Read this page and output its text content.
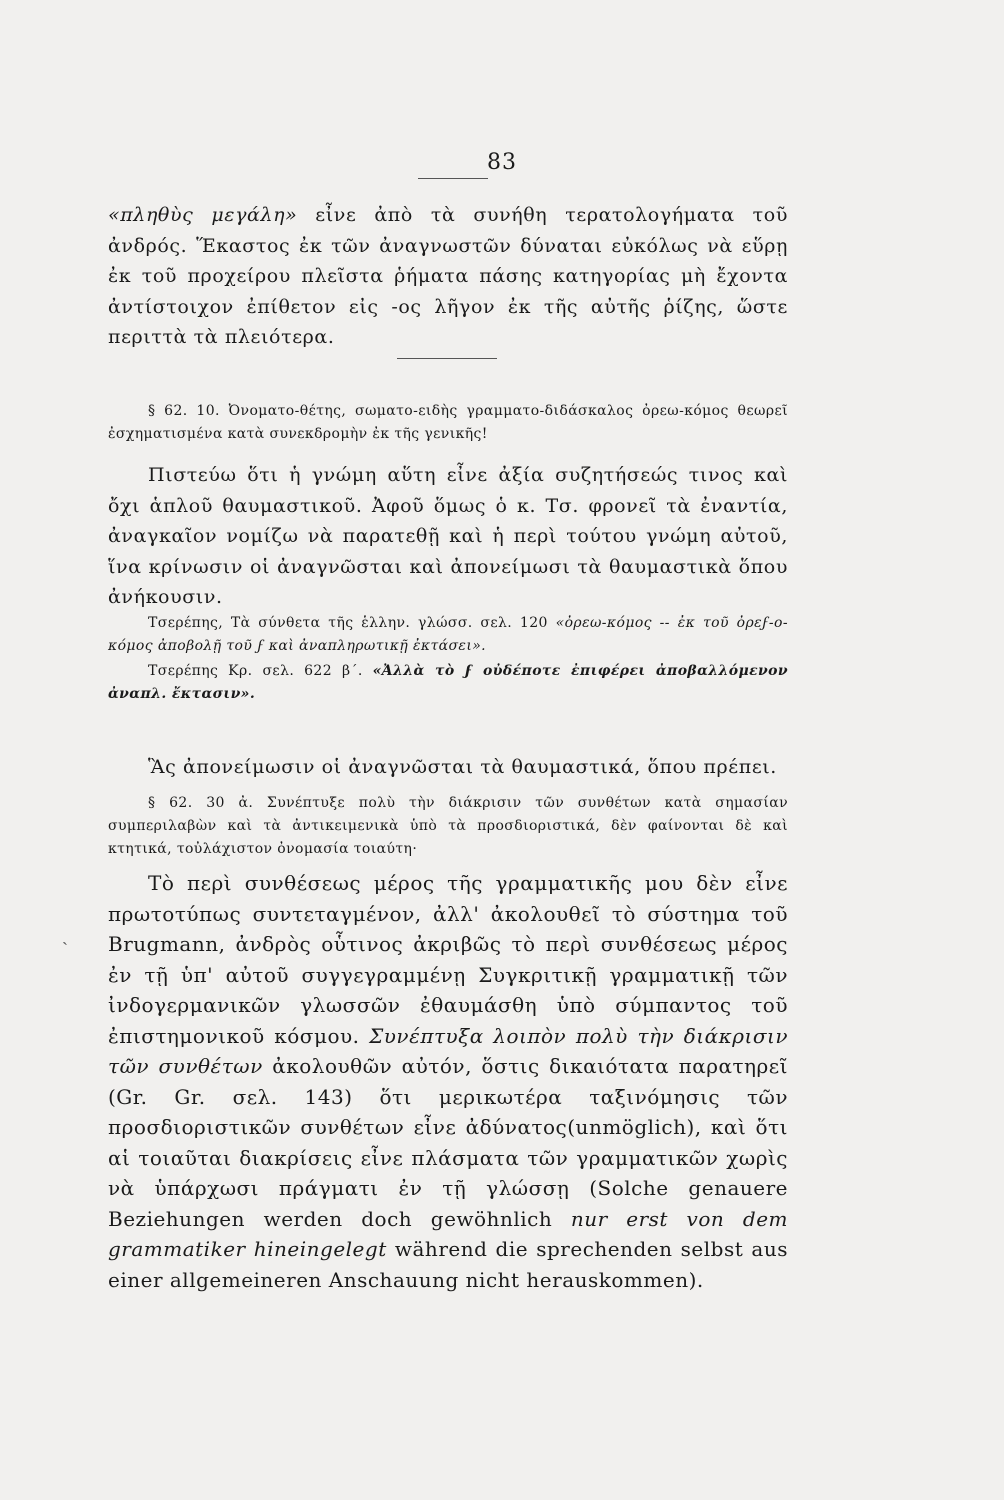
83
«πληθὺς μεγάλη» εἶνε ἀπὸ τὰ συνήθη τερατολογήματα τοῦ ἀνδρός. Ἕκαστος ἐκ τῶν ἀναγνωστῶν δύναται εὐκόλως νὰ εὕρῃ ἐκ τοῦ προχείρου πλεῖστα ῥήματα πάσης κατηγορίας μὴ ἔχοντα ἀντίστοιχον ἐπίθετον εἰς -ος λῆγον ἐκ τῆς αὐτῆς ῥίζης, ὥστε περιττὰ τὰ πλειότερα.
§ 62. 10. Ὀνοματο-θέτης, σωματο-ειδὴς γραμματο-διδάσκαλος ὀρεω-κόμος θεωρεῖ ἐσχηματισμένα κατὰ συνεκδρομὴν ἐκ τῆς γενικῆς!
Πιστεύω ὅτι ἡ γνώμη αὕτη εἶνε ἀξία συζητήσεώς τινος καὶ ὄχι ἁπλοῦ θαυμαστικοῦ. Ἀφοῦ ὅμως ὁ κ. Τσ. φρονεῖ τὰ ἐναντία, ἀναγκαῖον νομίζω νὰ παρατεθῇ καὶ ἡ περὶ τούτου γνώμη αὐτοῦ, ἵνα κρίνωσιν οἱ ἀναγνῶσται καὶ ἀπονείμωσι τὰ θαυμαστικὰ ὅπου ἀνήκουσιν.
Τσερέπης, Τὰ σύνθετα τῆς ἑλλην. γλώσσ. σελ. 120 «ὀρεω-κόμος -- ἐκ τοῦ ὀρεϝ-ο-κόμος ἀποβολῇ τοῦ ϝ καὶ ἀναπληρωτικῇ ἐκτάσει».
Τσερέπης Κρ. σελ. 622 β΄. «Ἀλλὰ τὸ ϝ οὐδέποτε ἐπιφέρει ἀποβαλλόμενον ἀναπλ. ἔκτασιν».
Ἃς ἀπονείμωσιν οἱ ἀναγνῶσται τὰ θαυμαστικά, ὅπου πρέπει.
§ 62. 30 ἀ. Συνέπτυξε πολὺ τὴν διάκρισιν τῶν συνθέτων κατὰ σημασίαν συμπεριλαβὼν καὶ τὰ ἀντικειμενικὰ ὑπὸ τὰ προσδιοριστικά, δὲν φαίνονται δὲ καὶ κτητικά, τοὐλάχιστον ὀνομασία τοιαύτη·
Τὸ περὶ συνθέσεως μέρος τῆς γραμματικῆς μου δὲν εἶνε πρωτοτύπως συντεταγμένον, ἀλλ' ἀκολουθεῖ τὸ σύστημα τοῦ Brugmann, ἀνδρὸς οὗτινος ἀκριβῶς τὸ περὶ συνθέσεως μέρος ἐν τῇ ὑπ' αὐτοῦ συγγεγραμμένῃ Συγκριτικῇ γραμματικῇ τῶν ἰνδογερμανικῶν γλωσσῶν ἐθαυμάσθη ὑπὸ σύμπαντος τοῦ ἐπιστημονικοῦ κόσμου. Συνέπτυξα λοιπὸν πολὺ τὴν διάκρισιν τῶν συνθέτων ἀκολουθῶν αὐτόν, ὅστις δικαιότατα παρατηρεῖ (Gr. Gr. σελ. 143) ὅτι μερικωτέρα ταξινόμησις τῶν προσδιοριστικῶν συνθέτων εἶνε ἀδύνατος(unmöglich), καὶ ὅτι αἱ τοιαῦται διακρίσεις εἶνε πλάσματα τῶν γραμματικῶν χωρὶς νὰ ὑπάρχωσι πράγματι ἐν τῇ γλώσσῃ (Solche genauere Beziehungen werden doch gewöhnlich nur erst von dem grammatiker hineingelegt während die sprechenden selbst aus einer allgemeineren Anschauung nicht herauskommen).
ˏ
